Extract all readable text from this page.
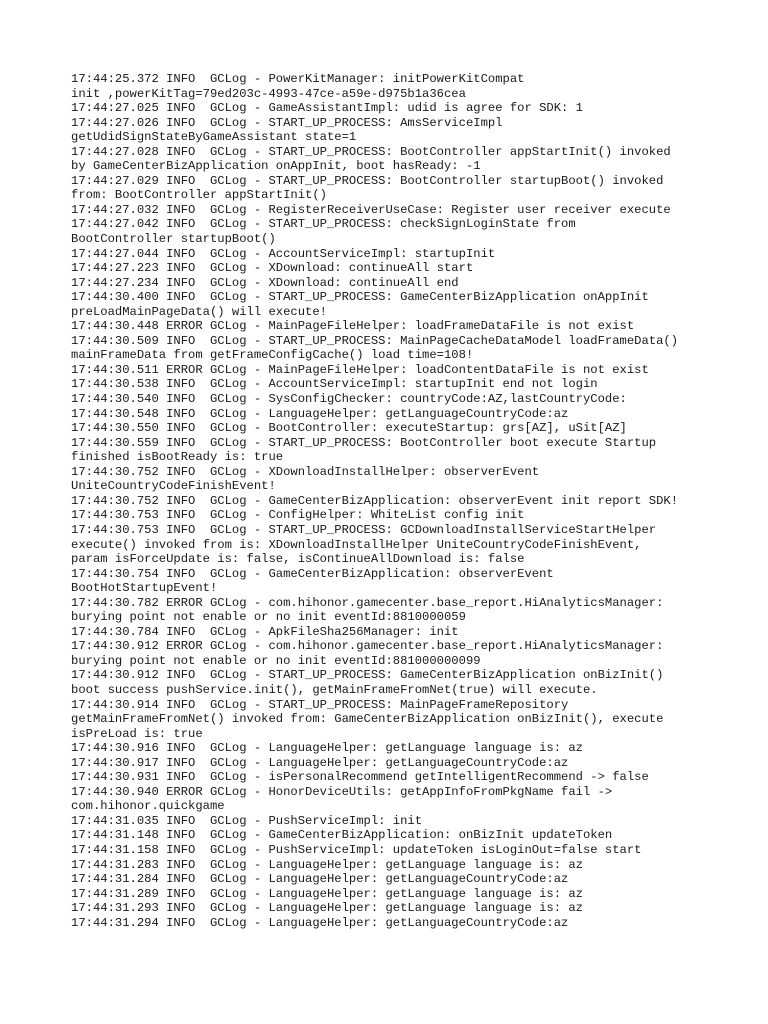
17:44:25.372 INFO  GCLog - PowerKitManager: initPowerKitCompat
init ,powerKitTag=79ed203c-4993-47ce-a59e-d975b1a36cea
17:44:27.025 INFO  GCLog - GameAssistantImpl: udid is agree for SDK: 1
17:44:27.026 INFO  GCLog - START_UP_PROCESS: AmsServiceImpl
getUdidSignStateByGameAssistant state=1
17:44:27.028 INFO  GCLog - START_UP_PROCESS: BootController appStartInit() invoked
by GameCenterBizApplication onAppInit, boot hasReady: -1
17:44:27.029 INFO  GCLog - START_UP_PROCESS: BootController startupBoot() invoked
from: BootController appStartInit()
17:44:27.032 INFO  GCLog - RegisterReceiverUseCase: Register user receiver execute
17:44:27.042 INFO  GCLog - START_UP_PROCESS: checkSignLoginState from
BootController startupBoot()
17:44:27.044 INFO  GCLog - AccountServiceImpl: startupInit
17:44:27.223 INFO  GCLog - XDownload: continueAll start
17:44:27.234 INFO  GCLog - XDownload: continueAll end
17:44:30.400 INFO  GCLog - START_UP_PROCESS: GameCenterBizApplication onAppInit
preLoadMainPageData() will execute!
17:44:30.448 ERROR GCLog - MainPageFileHelper: loadFrameDataFile is not exist
17:44:30.509 INFO  GCLog - START_UP_PROCESS: MainPageCacheDataModel loadFrameData()
mainFrameData from getFrameConfigCache() load time=108!
17:44:30.511 ERROR GCLog - MainPageFileHelper: loadContentDataFile is not exist
17:44:30.538 INFO  GCLog - AccountServiceImpl: startupInit end not login
17:44:30.540 INFO  GCLog - SysConfigChecker: countryCode:AZ,lastCountryCode:
17:44:30.548 INFO  GCLog - LanguageHelper: getLanguageCountryCode:az
17:44:30.550 INFO  GCLog - BootController: executeStartup: grs[AZ], uSit[AZ]
17:44:30.559 INFO  GCLog - START_UP_PROCESS: BootController boot execute Startup
finished isBootReady is: true
17:44:30.752 INFO  GCLog - XDownloadInstallHelper: observerEvent
UniteCountryCodeFinishEvent!
17:44:30.752 INFO  GCLog - GameCenterBizApplication: observerEvent init report SDK!
17:44:30.753 INFO  GCLog - ConfigHelper: WhiteList config init
17:44:30.753 INFO  GCLog - START_UP_PROCESS: GCDownloadInstallServiceStartHelper
execute() invoked from is: XDownloadInstallHelper UniteCountryCodeFinishEvent,
param isForceUpdate is: false, isContinueAllDownload is: false
17:44:30.754 INFO  GCLog - GameCenterBizApplication: observerEvent
BootHotStartupEvent!
17:44:30.782 ERROR GCLog - com.hihonor.gamecenter.base_report.HiAnalyticsManager:
burying point not enable or no init eventId:8810000059
17:44:30.784 INFO  GCLog - ApkFileSha256Manager: init
17:44:30.912 ERROR GCLog - com.hihonor.gamecenter.base_report.HiAnalyticsManager:
burying point not enable or no init eventId:881000000099
17:44:30.912 INFO  GCLog - START_UP_PROCESS: GameCenterBizApplication onBizInit()
boot success pushService.init(), getMainFrameFromNet(true) will execute.
17:44:30.914 INFO  GCLog - START_UP_PROCESS: MainPageFrameRepository
getMainFrameFromNet() invoked from: GameCenterBizApplication onBizInit(), execute
isPreLoad is: true
17:44:30.916 INFO  GCLog - LanguageHelper: getLanguage language is: az
17:44:30.917 INFO  GCLog - LanguageHelper: getLanguageCountryCode:az
17:44:30.931 INFO  GCLog - isPersonalRecommend getIntelligentRecommend -> false
17:44:30.940 ERROR GCLog - HonorDeviceUtils: getAppInfoFromPkgName fail ->
com.hihonor.quickgame
17:44:31.035 INFO  GCLog - PushServiceImpl: init
17:44:31.148 INFO  GCLog - GameCenterBizApplication: onBizInit updateToken
17:44:31.158 INFO  GCLog - PushServiceImpl: updateToken isLoginOut=false start
17:44:31.283 INFO  GCLog - LanguageHelper: getLanguage language is: az
17:44:31.284 INFO  GCLog - LanguageHelper: getLanguageCountryCode:az
17:44:31.289 INFO  GCLog - LanguageHelper: getLanguage language is: az
17:44:31.293 INFO  GCLog - LanguageHelper: getLanguage language is: az
17:44:31.294 INFO  GCLog - LanguageHelper: getLanguageCountryCode:az
